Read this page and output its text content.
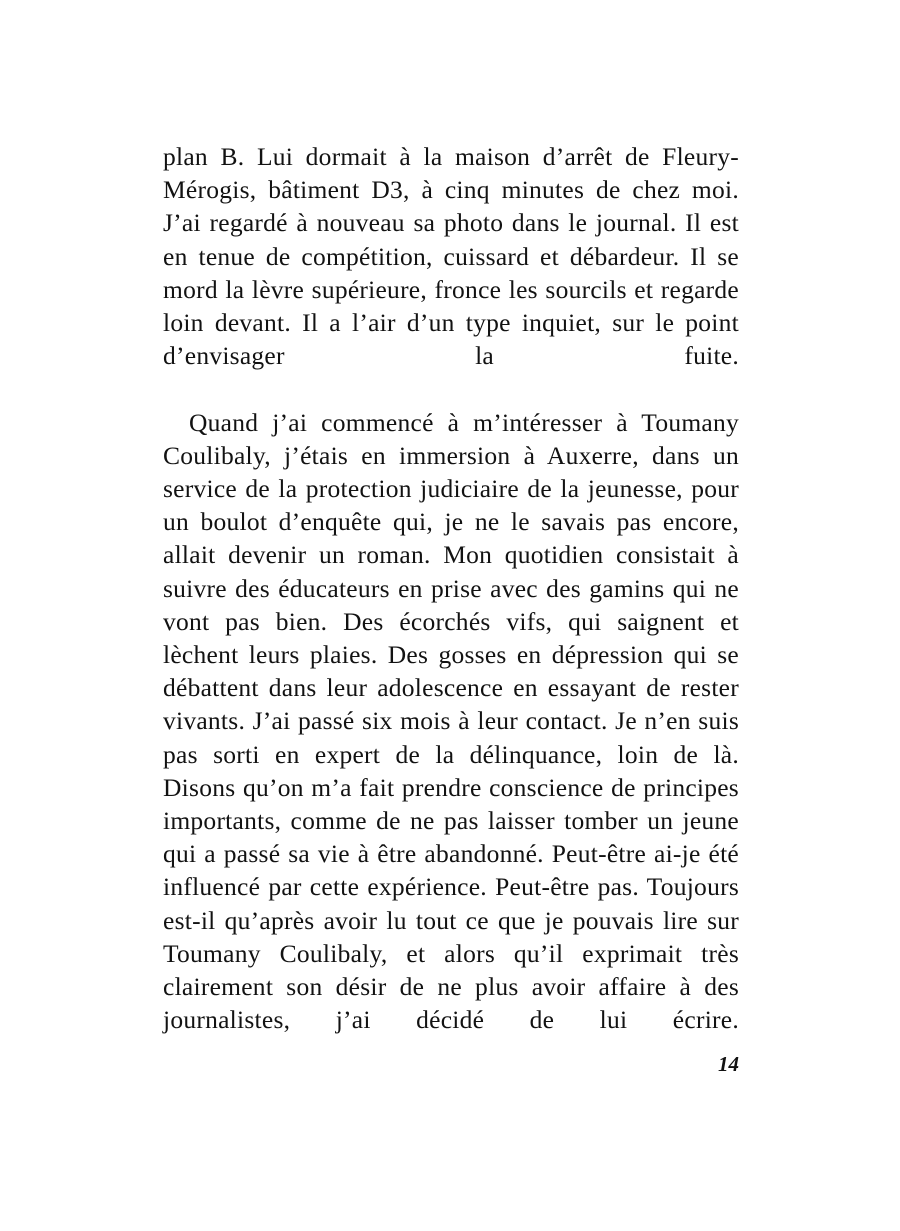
plan B. Lui dormait à la maison d’arrêt de Fleury-Mérogis, bâtiment D3, à cinq minutes de chez moi. J’ai regardé à nouveau sa photo dans le journal. Il est en tenue de compétition, cuissard et débardeur. Il se mord la lèvre supérieure, fronce les sourcils et regarde loin devant. Il a l’air d’un type inquiet, sur le point d’envisager la fuite.

Quand j’ai commencé à m’intéresser à Toumany Coulibaly, j’étais en immersion à Auxerre, dans un service de la protection judiciaire de la jeunesse, pour un boulot d’enquête qui, je ne le savais pas encore, allait devenir un roman. Mon quotidien consistait à suivre des éducateurs en prise avec des gamins qui ne vont pas bien. Des écorchés vifs, qui saignent et lèchent leurs plaies. Des gosses en dépression qui se débattent dans leur adolescence en essayant de rester vivants. J’ai passé six mois à leur contact. Je n’en suis pas sorti en expert de la délinquance, loin de là. Disons qu’on m’a fait prendre conscience de principes importants, comme de ne pas laisser tomber un jeune qui a passé sa vie à être abandonné. Peut-être ai-je été influencé par cette expérience. Peut-être pas. Toujours est-il qu’après avoir lu tout ce que je pouvais lire sur Toumany Coulibaly, et alors qu’il exprimait très clairement son désir de ne plus avoir affaire à des journalistes, j’ai décidé de lui écrire.

14
